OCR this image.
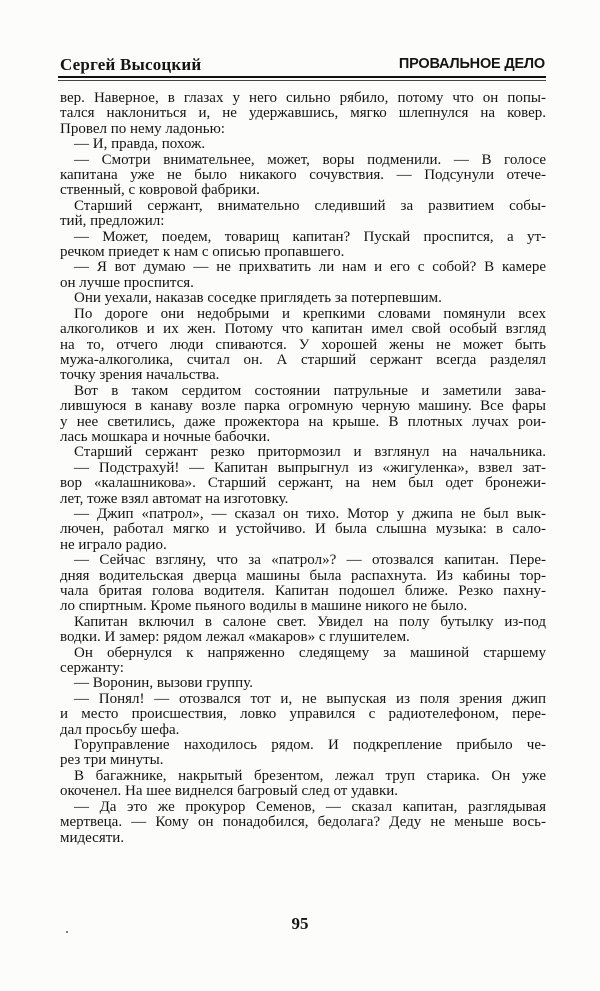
Сергей Высоцкий	ПРОВАЛЬНОЕ ДЕЛО
вер. Наверное, в глазах у него сильно рябило, потому что он попы-
тался наклониться и, не удержавшись, мягко шлепнулся на ковер.
Провел по нему ладонью:
— И, правда, похож.
— Смотри внимательнее, может, воры подменили. — В голосе
капитана уже не было никакого сочувствия. — Подсунули отече-
ственный, с ковровой фабрики.
Старший сержант, внимательно следивший за развитием собы-
тий, предложил:
— Может, поедем, товарищ капитан? Пускай проспится, а ут-
речком приедет к нам с описью пропавшего.
— Я вот думаю — не прихватить ли нам и его с собой? В камере
он лучше проспится.
Они уехали, наказав соседке приглядеть за потерпевшим.
По дороге они недобрыми и крепкими словами помянули всех
алкоголиков и их жен. Потому что капитан имел свой особый взгляд
на то, отчего люди спиваются. У хорошей жены не может быть
мужа-алкоголика, считал он. А старший сержант всегда разделял
точку зрения начальства.
Вот в таком сердитом состоянии патрульные и заметили зава-
лившуюся в канаву возле парка огромную черную машину. Все фары
у нее светились, даже прожектора на крыше. В плотных лучах рои-
лась мошкара и ночные бабочки.
Старший сержант резко притормозил и взглянул на начальника.
— Подстрахуй! — Капитан выпрыгнул из «жигуленка», взвел зат-
вор «калашникова». Старший сержант, на нем был одет бронежи-
лет, тоже взял автомат на изготовку.
— Джип «патрол», — сказал он тихо. Мотор у джипа не был вык-
лючен, работал мягко и устойчиво. И была слышна музыка: в сало-
не играло радио.
— Сейчас взгляну, что за «патрол»? — отозвался капитан. Пере-
дняя водительская дверца машины была распахнута. Из кабины тор-
чала бритая голова водителя. Капитан подошел ближе. Резко пахну-
ло спиртным. Кроме пьяного водилы в машине никого не было.
Капитан включил в салоне свет. Увидел на полу бутылку из-под
водки. И замер: рядом лежал «макаров» с глушителем.
Он обернулся к напряженно следящему за машиной старшему
сержанту:
— Воронин, вызови группу.
— Понял! — отозвался тот и, не выпуская из поля зрения джип
и место происшествия, ловко управился с радиотелефоном, пере-
дал просьбу шефа.
Горуправление находилось рядом. И подкрепление прибыло че-
рез три минуты.
В багажнике, накрытый брезентом, лежал труп старика. Он уже
окоченел. На шее виднелся багровый след от удавки.
— Да это же прокурор Семенов, — сказал капитан, разглядывая
мертвеца. — Кому он понадобился, бедолага? Деду не меньше вось-
мидесяти.
95
